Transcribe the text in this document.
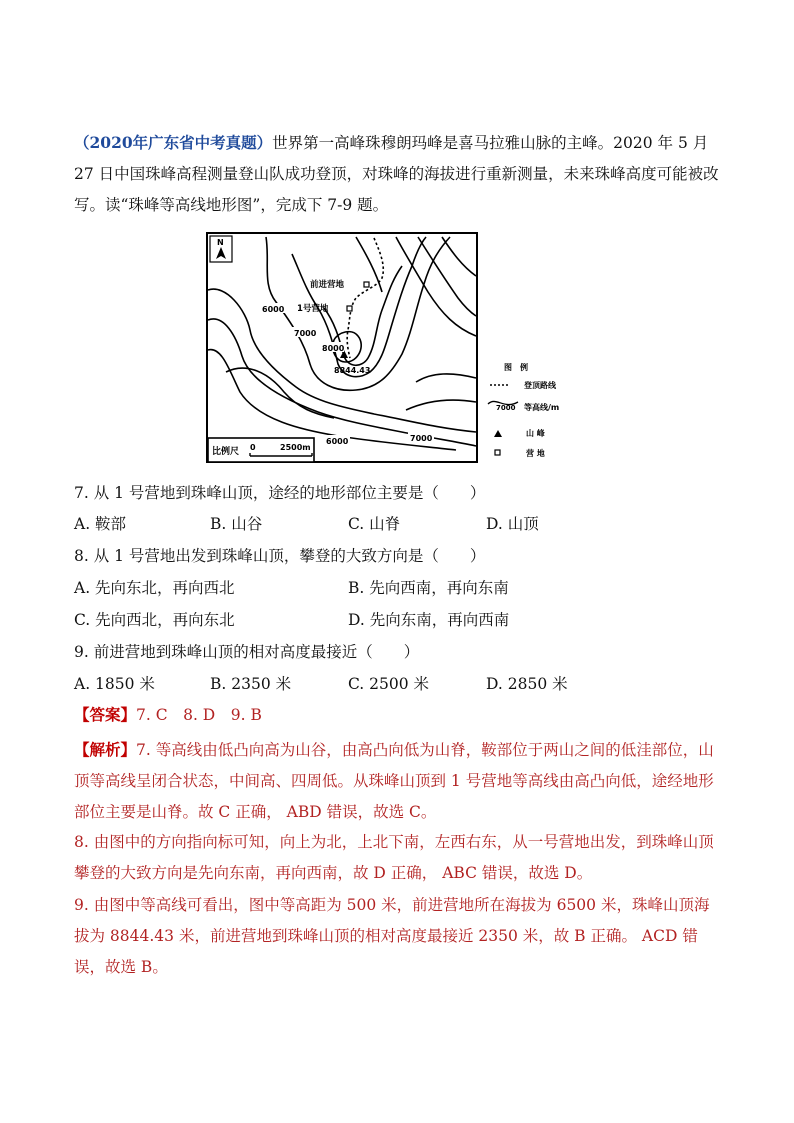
（2020年广东省中考真题）世界第一高峰珠穆朗玛峰是喜马拉雅山脉的主峰。2020 年 5 月 27 日中国珠峰高程测量登山队成功登顶，对珠峰的海拔进行重新测量，未来珠峰高度可能被改写。读“珠峰等高线地形图”，完成下 7-9 题。

N
前进营地
1号营地
8844.43
6000
7000
8000
6000	7000
比例尺 0	2500m
图　例
登顶路线
7000 等高线/m
山 峰
营 地
7. 从 1 号营地到珠峰山顶，途经的地形部位主要是（　　）
A. 鞍部	B. 山谷	C. 山脊	D. 山顶
8. 从 1 号营地出发到珠峰山顶，攀登的大致方向是（　　）
A. 先向东北，再向西北	B. 先向西南，再向东南
C. 先向西北，再向东北	D. 先向东南，再向西南
9. 前进营地到珠峰山顶的相对高度最接近（　　）
A. 1850 米	B. 2350 米	C. 2500 米	D. 2850 米
【答案】7. C　8. D　9. B

【解析】7. 等高线由低凸向高为山谷，由高凸向低为山脊，鞍部位于两山之间的低洼部位，山顶等高线呈闭合状态，中间高、四周低。从珠峰山顶到 1 号营地等高线由高凸向低，途经地形部位主要是山脊。故 C 正确， ABD 错误，故选 C。

8. 由图中的方向指向标可知，向上为北，上北下南，左西右东，从一号营地出发，到珠峰山顶攀登的大致方向是先向东南，再向西南，故 D 正确， ABC 错误，故选 D。

9. 由图中等高线可看出，图中等高距为 500 米，前进营地所在海拔为 6500 米，珠峰山顶海拔为 8844.43 米，前进营地到珠峰山顶的相对高度最接近 2350 米，故 B 正确。 ACD 错误，故选 B。
